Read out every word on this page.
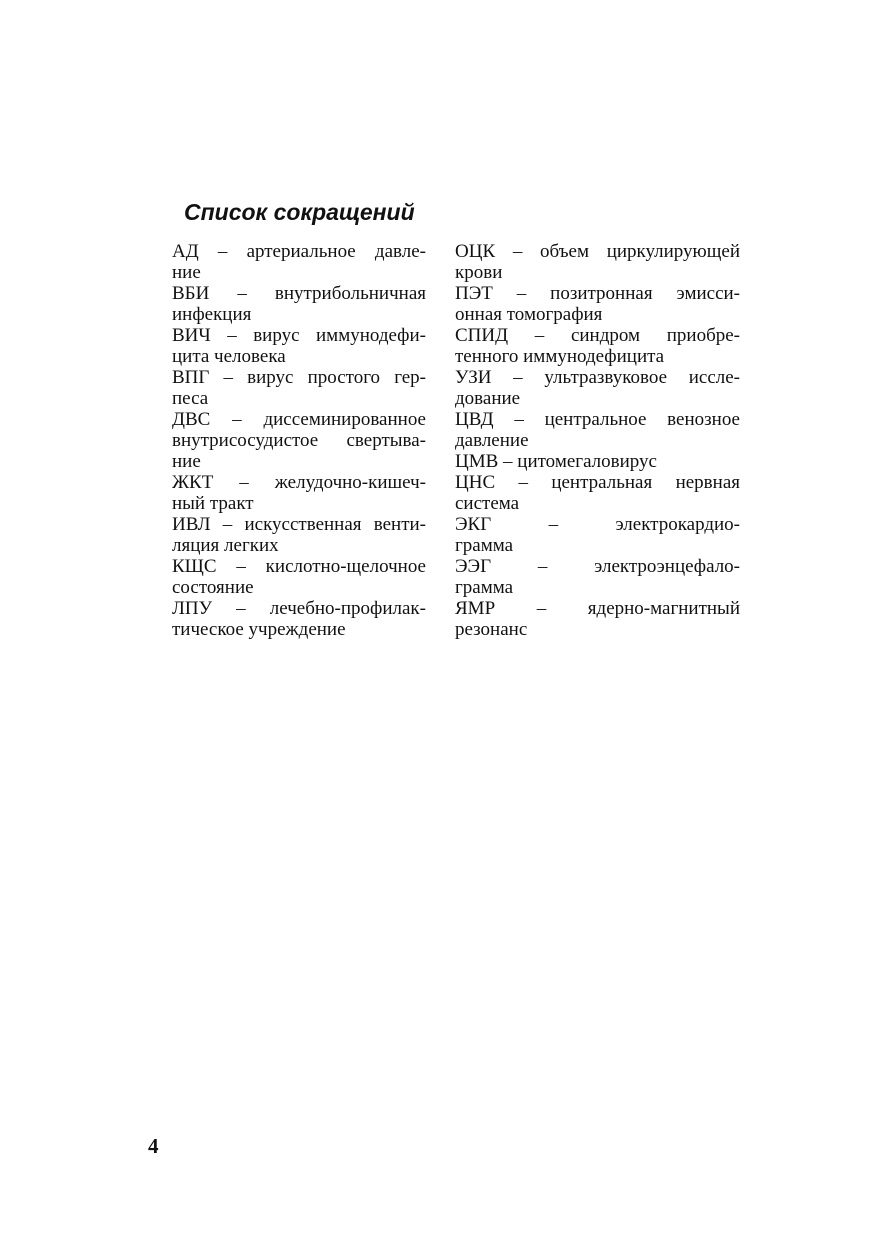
Список сокращений
АД – артериальное давле-
ние
ВБИ – внутрибольничная
инфекция
ВИЧ – вирус иммунодефи-
цита человека
ВПГ – вирус простого гер-
песа
ДВС – диссеминированное
внутрисосудистое свертыва-
ние
ЖКТ – желудочно-кишеч-
ный тракт
ИВЛ – искусственная венти-
ляция легких
КЩС – кислотно-щелочное
состояние
ЛПУ – лечебно-профилак-
тическое учреждение
ОЦК – объем циркулирующей
крови
ПЭТ – позитронная эмисси-
онная томография
СПИД – синдром приобре-
тенного иммунодефицита
УЗИ – ультразвуковое иссле-
дование
ЦВД – центральное венозное
давление
ЦМВ – цитомегаловирус
ЦНС – центральная нервная
система
ЭКГ – электрокардио-
грамма
ЭЭГ – электроэнцефало-
грамма
ЯМР – ядерно-магнитный
резонанс
4
